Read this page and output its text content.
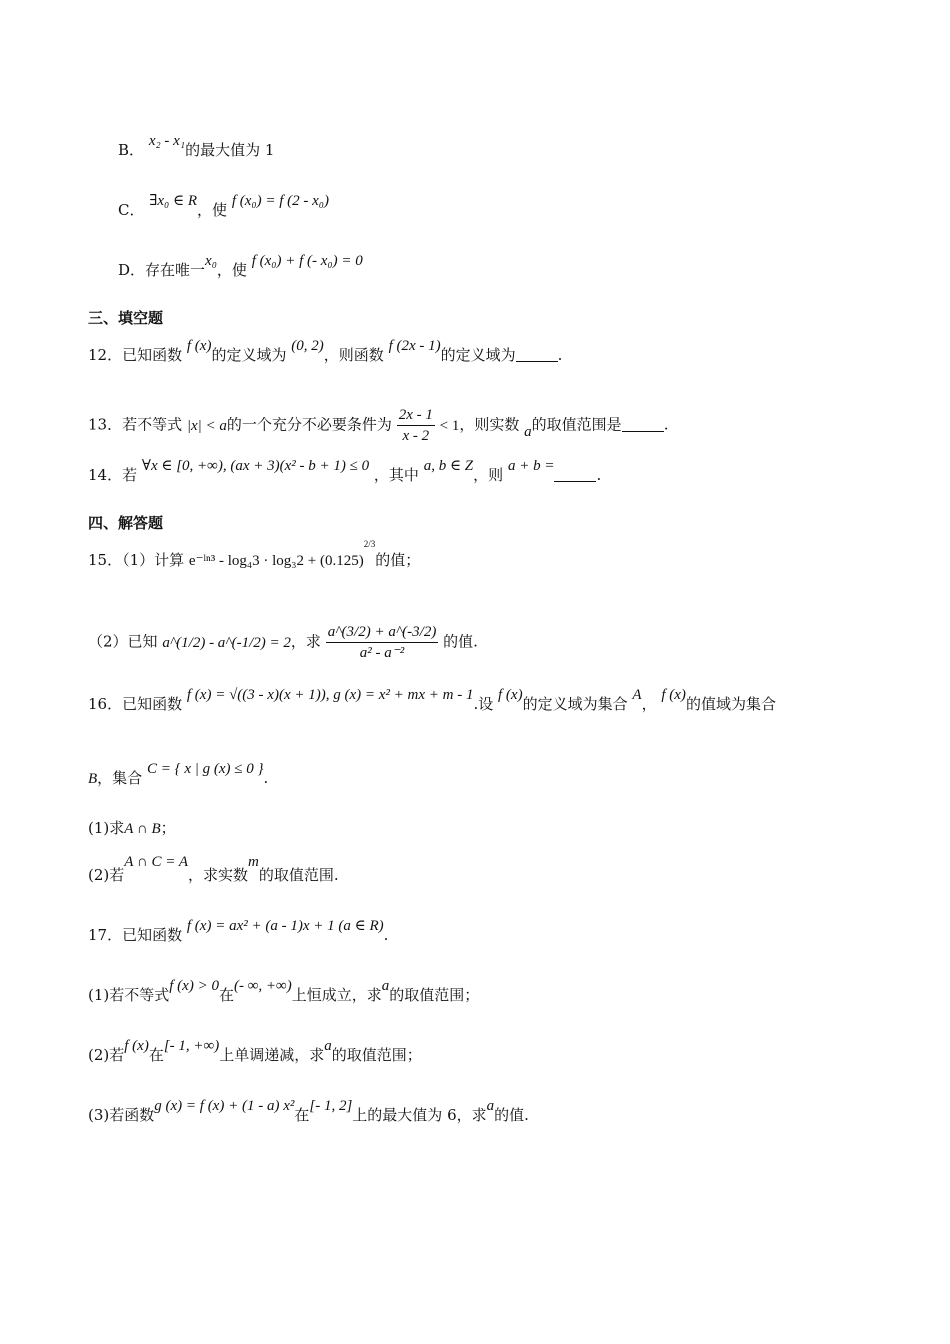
B． x₂ - x₁的最大值为 1
C． ∃x₀ ∈ R，使 f (x₀) = f (2 - x₀)
D．存在唯一x₀，使 f (x₀) + f (- x₀) = 0
三、填空题
12．已知函数 f (x)的定义域为 (0, 2)，则函数 f (2x - 1)的定义域为	.
13．若不等式 |x| < a的一个充分不必要条件为 $\frac{2x - 1}{x - 2} < 1$，则实数 a的取值范围是	.
14．若 ∀x ∈ [0, +∞), (ax + 3)(x² - b + 1) ≤ 0 ，其中 a, b ∈ Z，则 a + b =	.
四、解答题
15．（1）计算 e⁻ˡⁿ³ - $\log_43 \cdot \log_32 + (0.125)^{2/3}$的值；
（2）已知 a^(1/2) - a^(-1/2) = 2，求 $\frac{a\^{}(3/2) + a\^{}(-3/2)}{\text{a² - a⁻²}}$ 的值.
16．已知函数 f (x) = √((3 - x)(x + 1)), g (x) = x² + mx + m - 1.设 f (x)的定义域为集合 A， f (x)的值域为集合
B，集合 C = { x | g (x) ≤ 0 }.
(1)求A ∩ B；
(2)若A ∩ C = A，求实数m的取值范围.
17．已知函数 f (x) = ax² + (a - 1)x + 1 (a ∈ R).
(1)若不等式f (x) > 0在(- ∞, +∞)上恒成立，求a的取值范围；
(2)若f (x)在[- 1, +∞)上单调递减，求a的取值范围；
(3)若函数g (x) = f (x) + (1 - a) x²在[- 1, 2]上的最大值为 6，求a的值.
